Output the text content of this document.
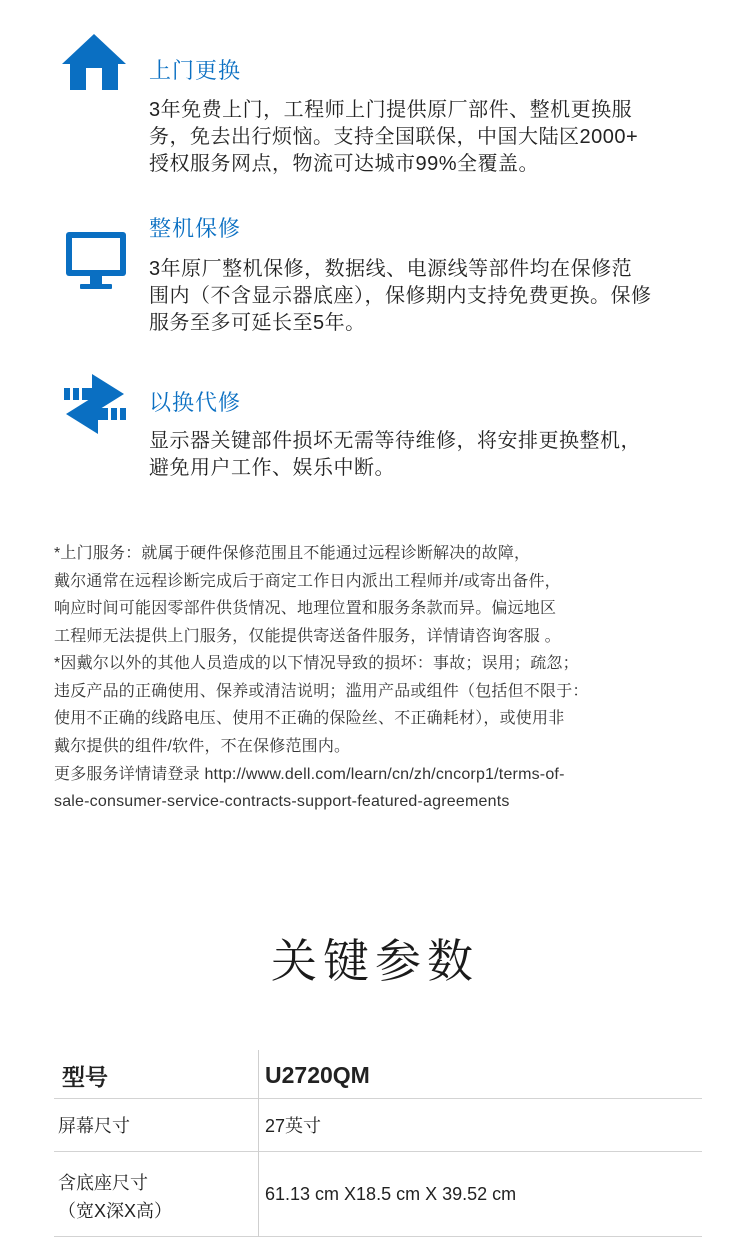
上门更换
3年免费上门，工程师上门提供原厂部件、整机更换服
务，免去出行烦恼。支持全国联保，中国大陆区2000+
授权服务网点，物流可达城市99%全覆盖。
整机保修
3年原厂整机保修，数据线、电源线等部件均在保修范
围内（不含显示器底座），保修期内支持免费更换。保修
服务至多可延长至5年。
以换代修
显示器关键部件损坏无需等待维修，将安排更换整机，
避免用户工作、娱乐中断。

*上门服务：就属于硬件保修范围且不能通过远程诊断解决的故障，

戴尔通常在远程诊断完成后于商定工作日内派出工程师并/或寄出备件，

响应时间可能因零部件供货情况、地理位置和服务条款而异。偏远地区

工程师无法提供上门服务，仅能提供寄送备件服务，详情请咨询客服 。

*因戴尔以外的其他人员造成的以下情况导致的损坏：事故；误用；疏忽；

违反产品的正确使用、保养或清洁说明；滥用产品或组件（包括但不限于：

使用不正确的线路电压、使用不正确的保险丝、不正确耗材），或使用非

戴尔提供的组件/软件，不在保修范围内。

更多服务详情请登录 http://www.dell.com/learn/cn/zh/cncorp1/terms-of-

sale-consumer-service-contracts-support-featured-agreements

关键参数
型号	U2720QM
屏幕尺寸	27英寸

含底座尺寸
（宽X深X高）	61.13 cm X18.5 cm X 39.52 cm
